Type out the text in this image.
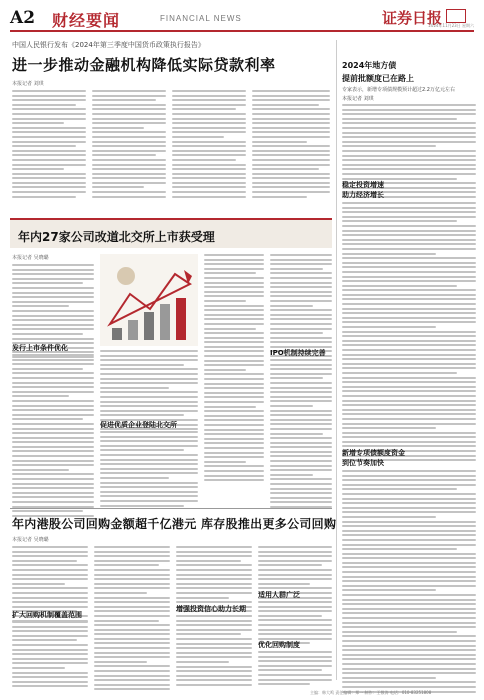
A2 财经要闻	FINANCIAL NEWS	证券日报
2024年11月23日 星期六
中国人民银行发布《2024年第三季度中国货币政策执行报告》
进一步推动金融机构降低实际贷款利率
本报记者 刘琪
年内27家公司改道北交所上市获受理
本报记者 吴晓璐
发行上市条件优化
促进优质企业登陆北交所
IPO机制持续完善
年内港股公司回购金额超千亿港元 库存股推出更多公司回购
本报记者 吴晓璐
扩大回购机制覆盖范围
增强投资信心助力长期
适用人群广泛
优化回购制度
2024年地方债
提前批额度已在路上
专家表示，新增专项债规模预计超过2.2万亿元左右
本报记者 刘琪
稳定投资增速
助力经济增长
新增专项债额度资金
到位节奏加快
主编：韩大鸣 责任编辑：郑一 制作：王敬涛 电话：010-83251808
